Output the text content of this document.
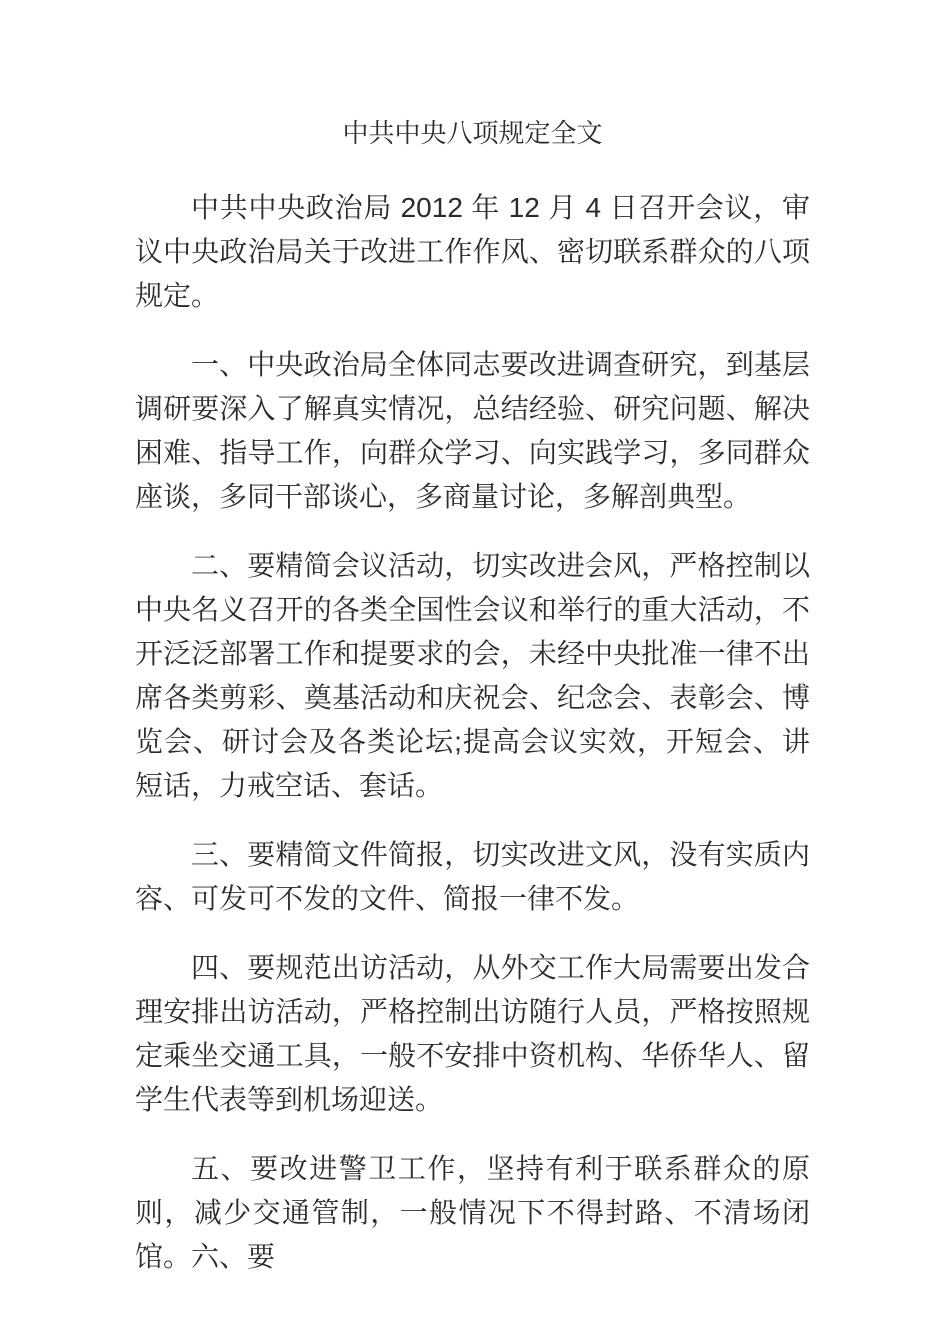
中共中央八项规定全文

中共中央政治局 2012 年 12 月 4 日召开会议，审议中央政治局关于改进工作作风、密切联系群众的八项规定。

一、中央政治局全体同志要改进调查研究，到基层调研要深入了解真实情况，总结经验、研究问题、解决困难、指导工作，向群众学习、向实践学习，多同群众座谈，多同干部谈心，多商量讨论，多解剖典型。

二、要精简会议活动，切实改进会风，严格控制以中央名义召开的各类全国性会议和举行的重大活动，不开泛泛部署工作和提要求的会，未经中央批准一律不出席各类剪彩、奠基活动和庆祝会、纪念会、表彰会、博览会、研讨会及各类论坛;提高会议实效，开短会、讲短话，力戒空话、套话。

三、要精简文件简报，切实改进文风，没有实质内容、可发可不发的文件、简报一律不发。

四、要规范出访活动，从外交工作大局需要出发合理安排出访活动，严格控制出访随行人员，严格按照规定乘坐交通工具，一般不安排中资机构、华侨华人、留学生代表等到机场迎送。

五、要改进警卫工作，坚持有利于联系群众的原则，减少交通管制，一般情况下不得封路、不清场闭馆。六、要
